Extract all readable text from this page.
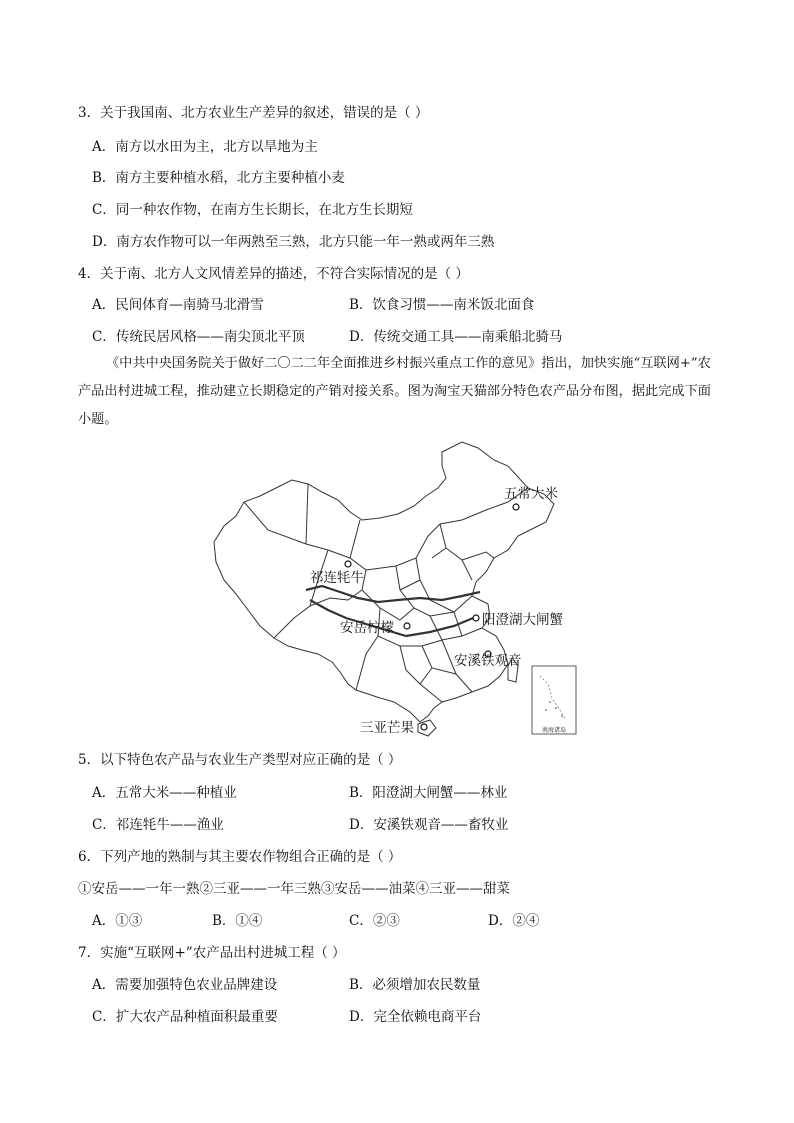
3．关于我国南、北方农业生产差异的叙述，错误的是（ ）
A．南方以水田为主，北方以旱地为主
B．南方主要种植水稻，北方主要种植小麦
C．同一种农作物，在南方生长期长，在北方生长期短
D．南方农作物可以一年两熟至三熟，北方只能一年一熟或两年三熟
4．关于南、北方人文风情差异的描述，不符合实际情况的是（ ）
A．民间体育—南骑马北滑雪	B．饮食习惯——南米饭北面食
C．传统民居风格——南尖顶北平顶	D．传统交通工具——南乘船北骑马
《中共中央国务院关于做好二〇二二年全面推进乡村振兴重点工作的意见》指出，加快实施“互联网+”农产品出村进城工程，推动建立长期稳定的产销对接关系。图为淘宝天猫部分特色农产品分布图，据此完成下面小题。
南海诸岛
五常大米
祁连牦牛
安岳柠檬	阳澄湖大闸蟹
安溪铁观音
三亚芒果
5．以下特色农产品与农业生产类型对应正确的是（ ）
A．五常大米——种植业	B．阳澄湖大闸蟹——林业
C．祁连牦牛——渔业	D．安溪铁观音——畜牧业
6．下列产地的熟制与其主要农作物组合正确的是（ ）
①安岳——一年一熟②三亚——一年三熟③安岳——油菜④三亚——甜菜
A．①③	B．①④	C．②③	D．②④
7．实施“互联网+”农产品出村进城工程（ ）
A．需要加强特色农业品牌建设	B．必须增加农民数量
C．扩大农产品种植面积最重要	D．完全依赖电商平台
